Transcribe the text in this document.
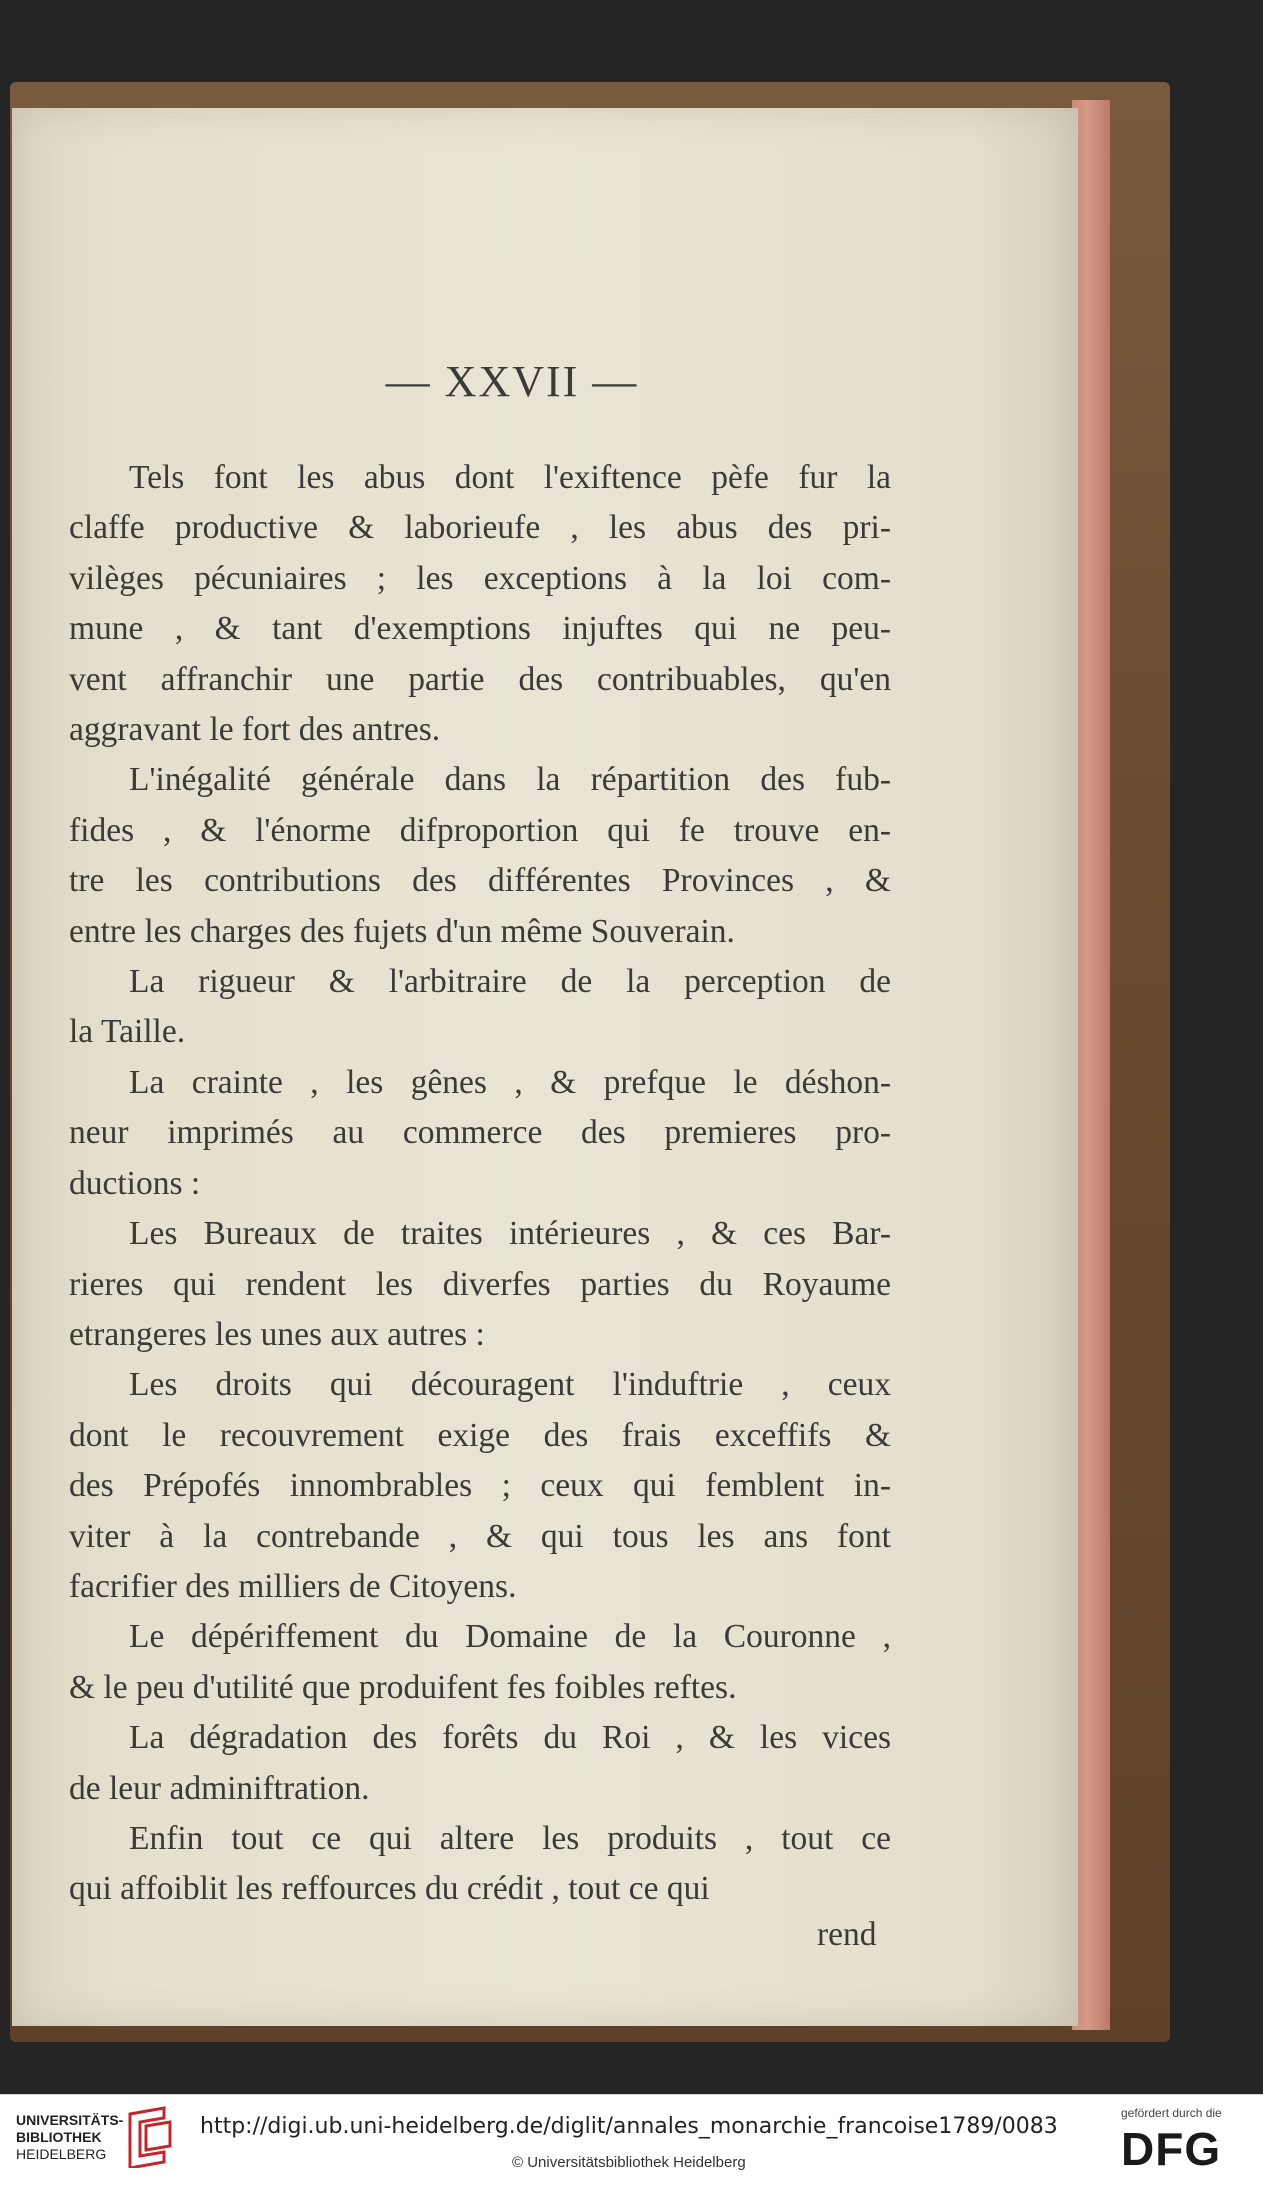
— XXVII —
Tels font les abus dont l'exiftence pèfe fur la
claffe productive & laborieufe , les abus des pri-
vilèges pécuniaires ; les exceptions à la loi com-
mune , & tant d'exemptions injuftes qui ne peu-
vent affranchir une partie des contribuables, qu'en
aggravant le fort des antres.
L'inégalité générale dans la répartition des fub-
fides , & l'énorme difproportion qui fe trouve en-
tre les contributions des différentes Provinces , &
entre les charges des fujets d'un même Souverain.
La rigueur & l'arbitraire de la perception de
la Taille.
La crainte , les gênes , & prefque le déshon-
neur imprimés au commerce des premieres pro-
ductions :
Les Bureaux de traites intérieures , & ces Bar-
rieres qui rendent les diverfes parties du Royaume
etrangeres les unes aux autres :
Les droits qui découragent l'induftrie , ceux
dont le recouvrement exige des frais exceffifs &
des Prépofés innombrables ; ceux qui femblent in-
viter à la contrebande , & qui tous les ans font
facrifier des milliers de Citoyens.
Le dépériffement du Domaine de la Couronne ,
& le peu d'utilité que produifent fes foibles reftes.
La dégradation des forêts du Roi , & les vices
de leur adminiftration.
Enfin tout ce qui altere les produits , tout ce
qui affoiblit les reffources du crédit , tout ce qui
rend
UNIVERSITÄTS-
BIBLIOTHEK
HEIDELBERG
http://digi.ub.uni-heidelberg.de/diglit/annales_monarchie_francoise1789/0083
© Universitätsbibliothek Heidelberg
gefördert durch die
DFG
